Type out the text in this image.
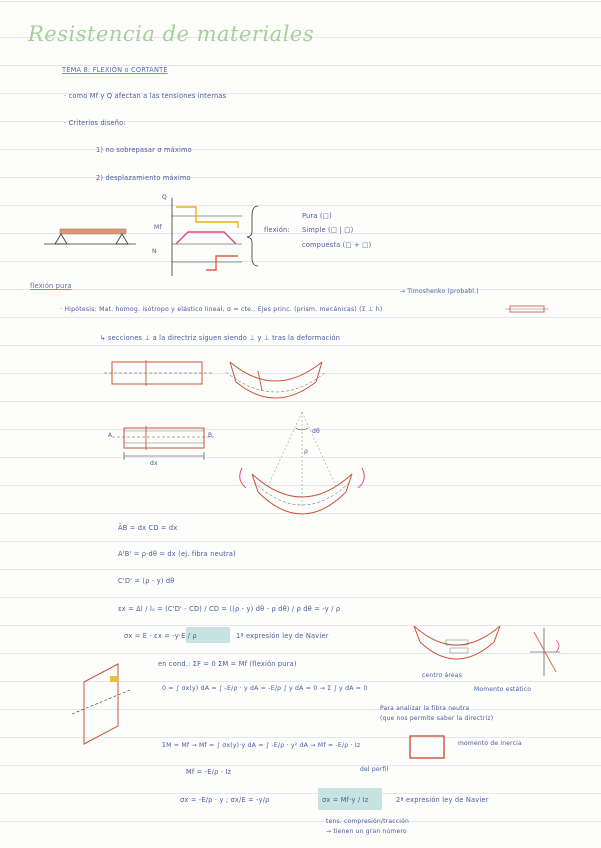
Resistencia de materiales
TEMA 8: FLEXIÓN o CORTANTE
· como Mf y Q afectan a las tensiones internas
· Criterios diseño:
1) no sobrepasar σ máximo
2) desplazamiento máximo
Q
Mf
N
flexión:
Pura (□)
Simple (□ | □)
compuesta (□ + □)
flexión pura
→ Timoshenko (probabl.)
· Hipótesis: Mat. homog. isótropo y elástico lineal, σ = cte., Ejes princ. (prism. mecánicas) (Σ ⊥ h)
↳ secciones ⊥ a la directriz siguen siendo ⊥ y ⊥ tras la deformación
dx
A	B
dθ
ρ
ĀB = dx CD = dx
A'B' = ρ·dθ = dx (ej. fibra neutra)
C'D' = (ρ - y) dθ
εx = Δl / l₀ = (C'D' - CD) / CD = ((ρ - y) dθ - ρ dθ) / ρ dθ = -y / ρ
σx = E · εx = -y·E / ρ	1ª expresión ley de Navier
en cond.: ΣF = 0 ΣM = Mf (flexión pura)
0 = ∫ σx(y) dA = ∫ -E/ρ · y dA = -E/ρ ∫ y dA = 0 → Σ ∫ y dA = 0
centro áreas
Momento estático
Para analizar la fibra neutra
(que nos permite saber la directriz)
ΣM = Mf → Mf = ∫ σx(y)·y dA = ∫ -E/ρ · y² dA → Mf = -E/ρ · Iz	momento de inercia
Mf = -E/ρ · Iz	del perfil
σx = -E/ρ · y ; σx/E = -y/ρ	σx = Mf·y / Iz	2ª expresión ley de Navier
tens. compresión/tracción
→ tienen un gran número
